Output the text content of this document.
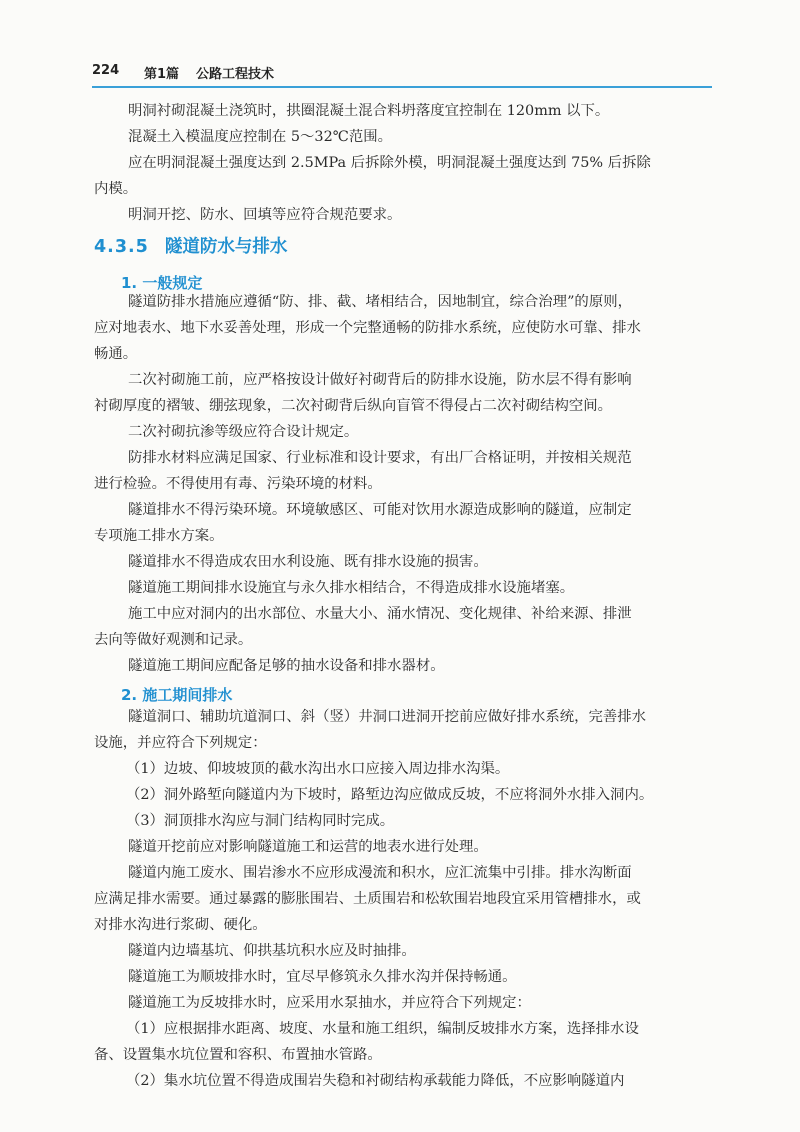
224 第1篇 公路工程技术
明洞衬砌混凝土浇筑时，拱圈混凝土混合料坍落度宜控制在 120mm 以下。
混凝土入模温度应控制在 5～32℃范围。
应在明洞混凝土强度达到 2.5MPa 后拆除外模，明洞混凝土强度达到 75% 后拆除
内模。
明洞开挖、防水、回填等应符合规范要求。
4.3.5 隧道防水与排水
1. 一般规定
隧道防排水措施应遵循“防、排、截、堵相结合，因地制宜，综合治理”的原则，
应对地表水、地下水妥善处理，形成一个完整通畅的防排水系统，应使防水可靠、排水
畅通。
二次衬砌施工前，应严格按设计做好衬砌背后的防排水设施，防水层不得有影响
衬砌厚度的褶皱、绷弦现象，二次衬砌背后纵向盲管不得侵占二次衬砌结构空间。
二次衬砌抗渗等级应符合设计规定。
防排水材料应满足国家、行业标准和设计要求，有出厂合格证明，并按相关规范
进行检验。不得使用有毒、污染环境的材料。
隧道排水不得污染环境。环境敏感区、可能对饮用水源造成影响的隧道，应制定
专项施工排水方案。
隧道排水不得造成农田水利设施、既有排水设施的损害。
隧道施工期间排水设施宜与永久排水相结合，不得造成排水设施堵塞。
施工中应对洞内的出水部位、水量大小、涌水情况、变化规律、补给来源、排泄
去向等做好观测和记录。
隧道施工期间应配备足够的抽水设备和排水器材。
2. 施工期间排水
隧道洞口、辅助坑道洞口、斜（竖）井洞口进洞开挖前应做好排水系统，完善排水
设施，并应符合下列规定：
（1）边坡、仰坡坡顶的截水沟出水口应接入周边排水沟渠。
（2）洞外路堑向隧道内为下坡时，路堑边沟应做成反坡，不应将洞外水排入洞内。
（3）洞顶排水沟应与洞门结构同时完成。
隧道开挖前应对影响隧道施工和运营的地表水进行处理。
隧道内施工废水、围岩渗水不应形成漫流和积水，应汇流集中引排。排水沟断面
应满足排水需要。通过暴露的膨胀围岩、土质围岩和松软围岩地段宜采用管槽排水，或
对排水沟进行浆砌、硬化。
隧道内边墙基坑、仰拱基坑积水应及时抽排。
隧道施工为顺坡排水时，宜尽早修筑永久排水沟并保持畅通。
隧道施工为反坡排水时，应采用水泵抽水，并应符合下列规定：
（1）应根据排水距离、坡度、水量和施工组织，编制反坡排水方案，选择排水设
备、设置集水坑位置和容积、布置抽水管路。
（2）集水坑位置不得造成围岩失稳和衬砌结构承载能力降低，不应影响隧道内
